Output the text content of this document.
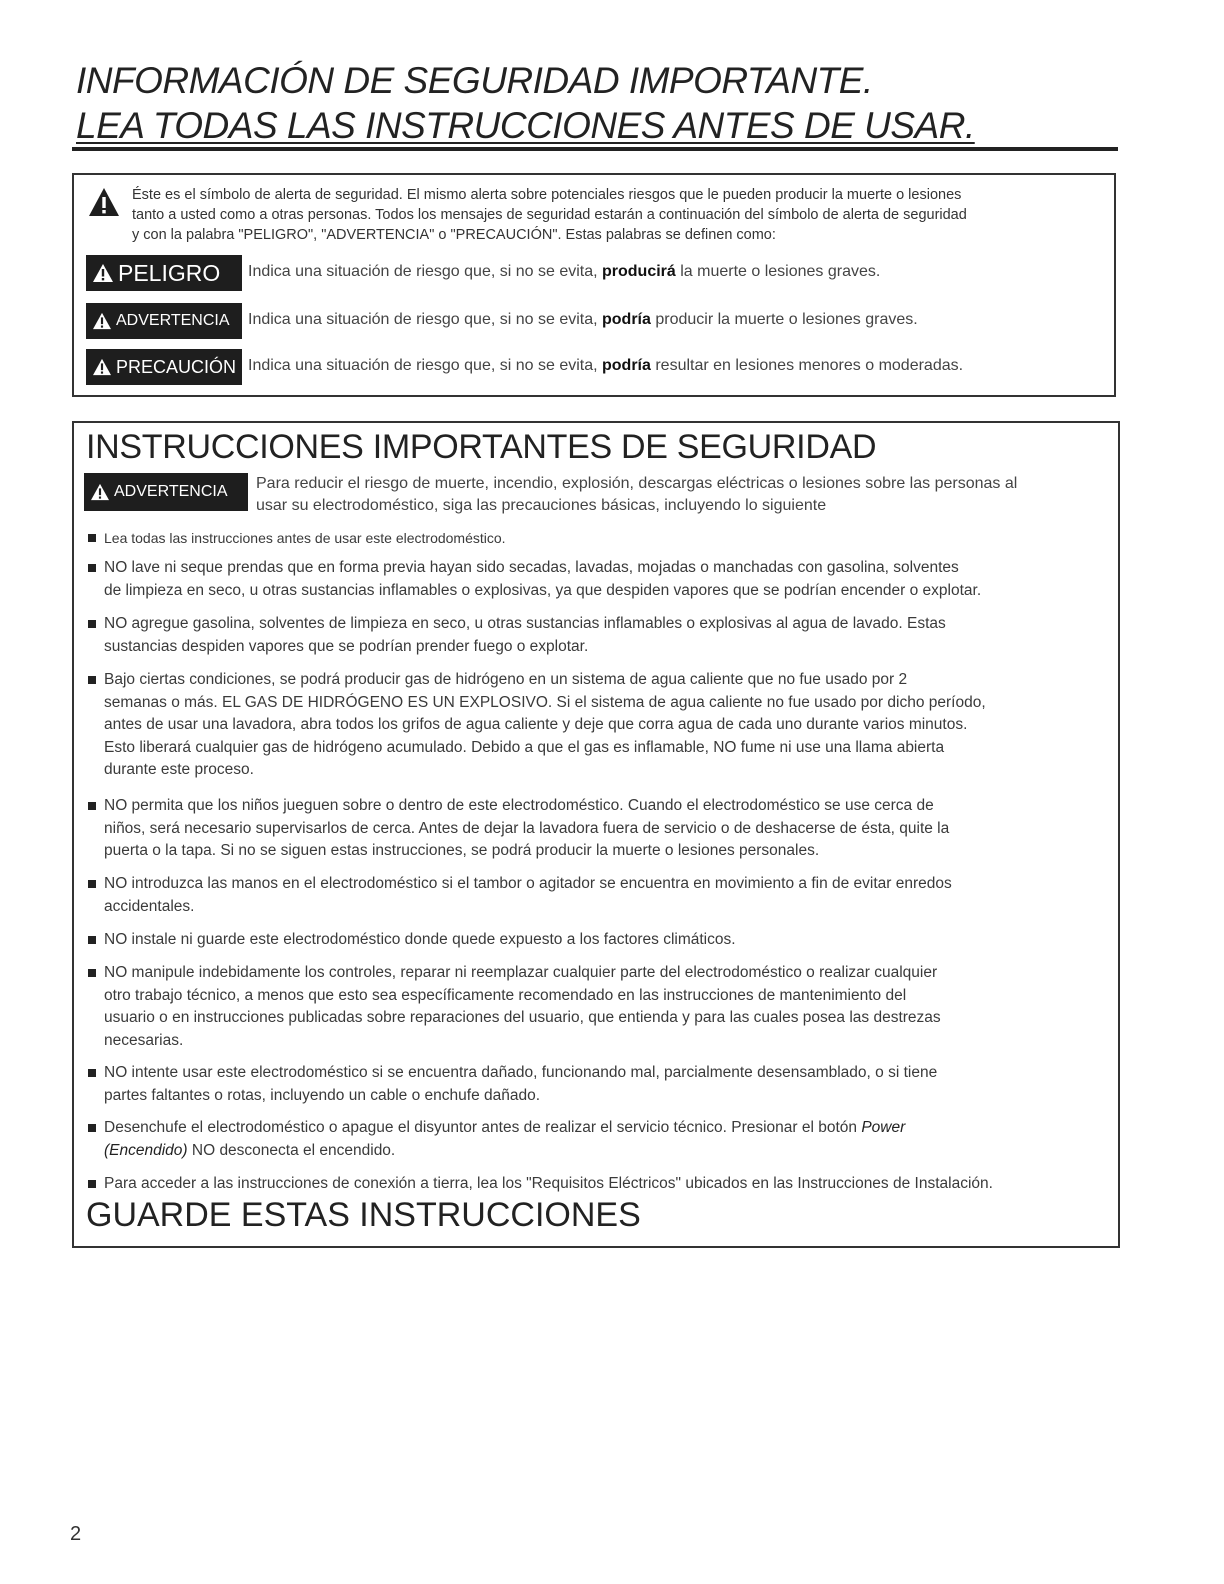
INFORMACIÓN DE SEGURIDAD IMPORTANTE.
LEA TODAS LAS INSTRUCCIONES ANTES DE USAR.
Éste es el símbolo de alerta de seguridad. El mismo alerta sobre potenciales riesgos que le pueden producir la muerte o lesiones
tanto a usted como a otras personas. Todos los mensajes de seguridad estarán a continuación del símbolo de alerta de seguridad
y con la palabra "PELIGRO", "ADVERTENCIA" o "PRECAUCIÓN". Estas palabras se definen como:
PELIGRO Indica una situación de riesgo que, si no se evita, producirá la muerte o lesiones graves.
ADVERTENCIA Indica una situación de riesgo que, si no se evita, podría producir la muerte o lesiones graves.
PRECAUCIÓN Indica una situación de riesgo que, si no se evita, podría resultar en lesiones menores o moderadas.
INSTRUCCIONES IMPORTANTES DE SEGURIDAD
ADVERTENCIA Para reducir el riesgo de muerte, incendio, explosión, descargas eléctricas o lesiones sobre las personas al
usar su electrodoméstico, siga las precauciones básicas, incluyendo lo siguiente
Lea todas las instrucciones antes de usar este electrodoméstico.
NO lave ni seque prendas que en forma previa hayan sido secadas, lavadas, mojadas o manchadas con gasolina, solventes
de limpieza en seco, u otras sustancias inflamables o explosivas, ya que despiden vapores que se podrían encender o explotar.
NO agregue gasolina, solventes de limpieza en seco, u otras sustancias inflamables o explosivas al agua de lavado. Estas
sustancias despiden vapores que se podrían prender fuego o explotar.
Bajo ciertas condiciones, se podrá producir gas de hidrógeno en un sistema de agua caliente que no fue usado por 2
semanas o más. EL GAS DE HIDRÓGENO ES UN EXPLOSIVO. Si el sistema de agua caliente no fue usado por dicho período,
antes de usar una lavadora, abra todos los grifos de agua caliente y deje que corra agua de cada uno durante varios minutos.
Esto liberará cualquier gas de hidrógeno acumulado. Debido a que el gas es inflamable, NO fume ni use una llama abierta
durante este proceso.
NO permita que los niños jueguen sobre o dentro de este electrodoméstico. Cuando el electrodoméstico se use cerca de
niños, será necesario supervisarlos de cerca. Antes de dejar la lavadora fuera de servicio o de deshacerse de ésta, quite la
puerta o la tapa. Si no se siguen estas instrucciones, se podrá producir la muerte o lesiones personales.
NO introduzca las manos en el electrodoméstico si el tambor o agitador se encuentra en movimiento a fin de evitar enredos
accidentales.
NO instale ni guarde este electrodoméstico donde quede expuesto a los factores climáticos.
NO manipule indebidamente los controles, reparar ni reemplazar cualquier parte del electrodoméstico o realizar cualquier
otro trabajo técnico, a menos que esto sea específicamente recomendado en las instrucciones de mantenimiento del
usuario o en instrucciones publicadas sobre reparaciones del usuario, que entienda y para las cuales posea las destrezas
necesarias.
NO intente usar este electrodoméstico si se encuentra dañado, funcionando mal, parcialmente desensamblado, o si tiene
partes faltantes o rotas, incluyendo un cable o enchufe dañado.
Desenchufe el electrodoméstico o apague el disyuntor antes de realizar el servicio técnico. Presionar el botón Power
(Encendido) NO desconecta el encendido.
Para acceder a las instrucciones de conexión a tierra, lea los "Requisitos Eléctricos" ubicados en las Instrucciones de Instalación.
GUARDE ESTAS INSTRUCCIONES
2
